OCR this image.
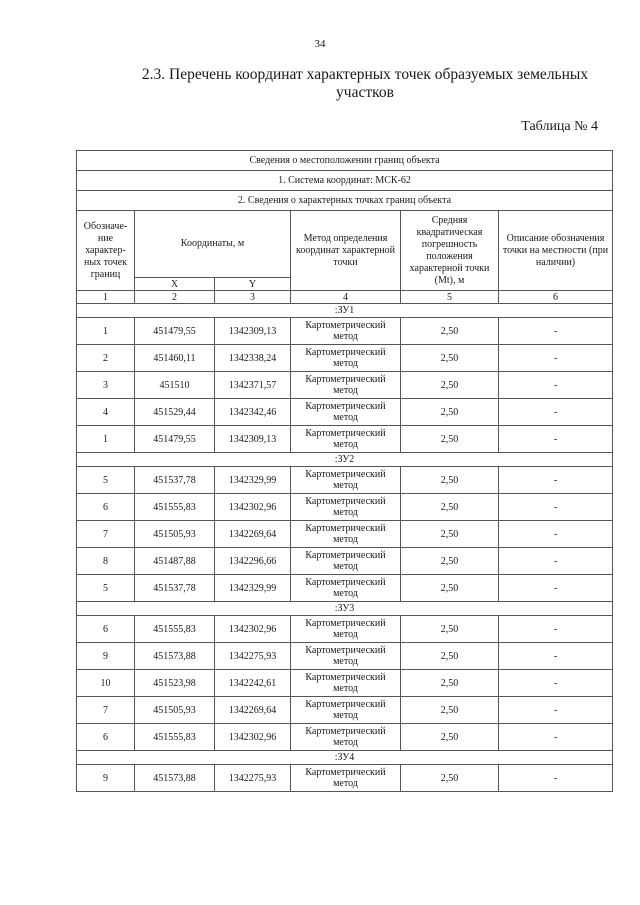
34
2.3. Перечень координат характерных точек образуемых земельных участков
Таблица № 4
Сведения о местоположении границ объекта					
1. Система координат: МСК-62					
2. Сведения о характерных точках границ объекта					
Обозначе-ние характер-ных точек границ	Координаты, м		Метод определения координат характерной точки	Средняя квадратическая погрешность положения характерной точки (Mt), м	Описание обозначения точки на местности (при наличии)
	X	Y			
1	2	3	4	5	6
:ЗУ1					
1	451479,55	1342309,13	Картометрический метод	2,50	-
2	451460,11	1342338,24	Картометрический метод	2,50	-
3	451510	1342371,57	Картометрический метод	2,50	-
4	451529,44	1342342,46	Картометрический метод	2,50	-
1	451479,55	1342309,13	Картометрический метод	2,50	-
:ЗУ2					
5	451537,78	1342329,99	Картометрический метод	2,50	-
6	451555,83	1342302,96	Картометрический метод	2,50	-
7	451505,93	1342269,64	Картометрический метод	2,50	-
8	451487,88	1342296,66	Картометрический метод	2,50	-
5	451537,78	1342329,99	Картометрический метод	2,50	-
:ЗУ3					
6	451555,83	1342302,96	Картометрический метод	2,50	-
9	451573,88	1342275,93	Картометрический метод	2,50	-
10	451523,98	1342242,61	Картометрический метод	2,50	-
7	451505,93	1342269,64	Картометрический метод	2,50	-
6	451555,83	1342302,96	Картометрический метод	2,50	-
:ЗУ4					
9	451573,88	1342275,93	Картометрический метод	2,50	-
